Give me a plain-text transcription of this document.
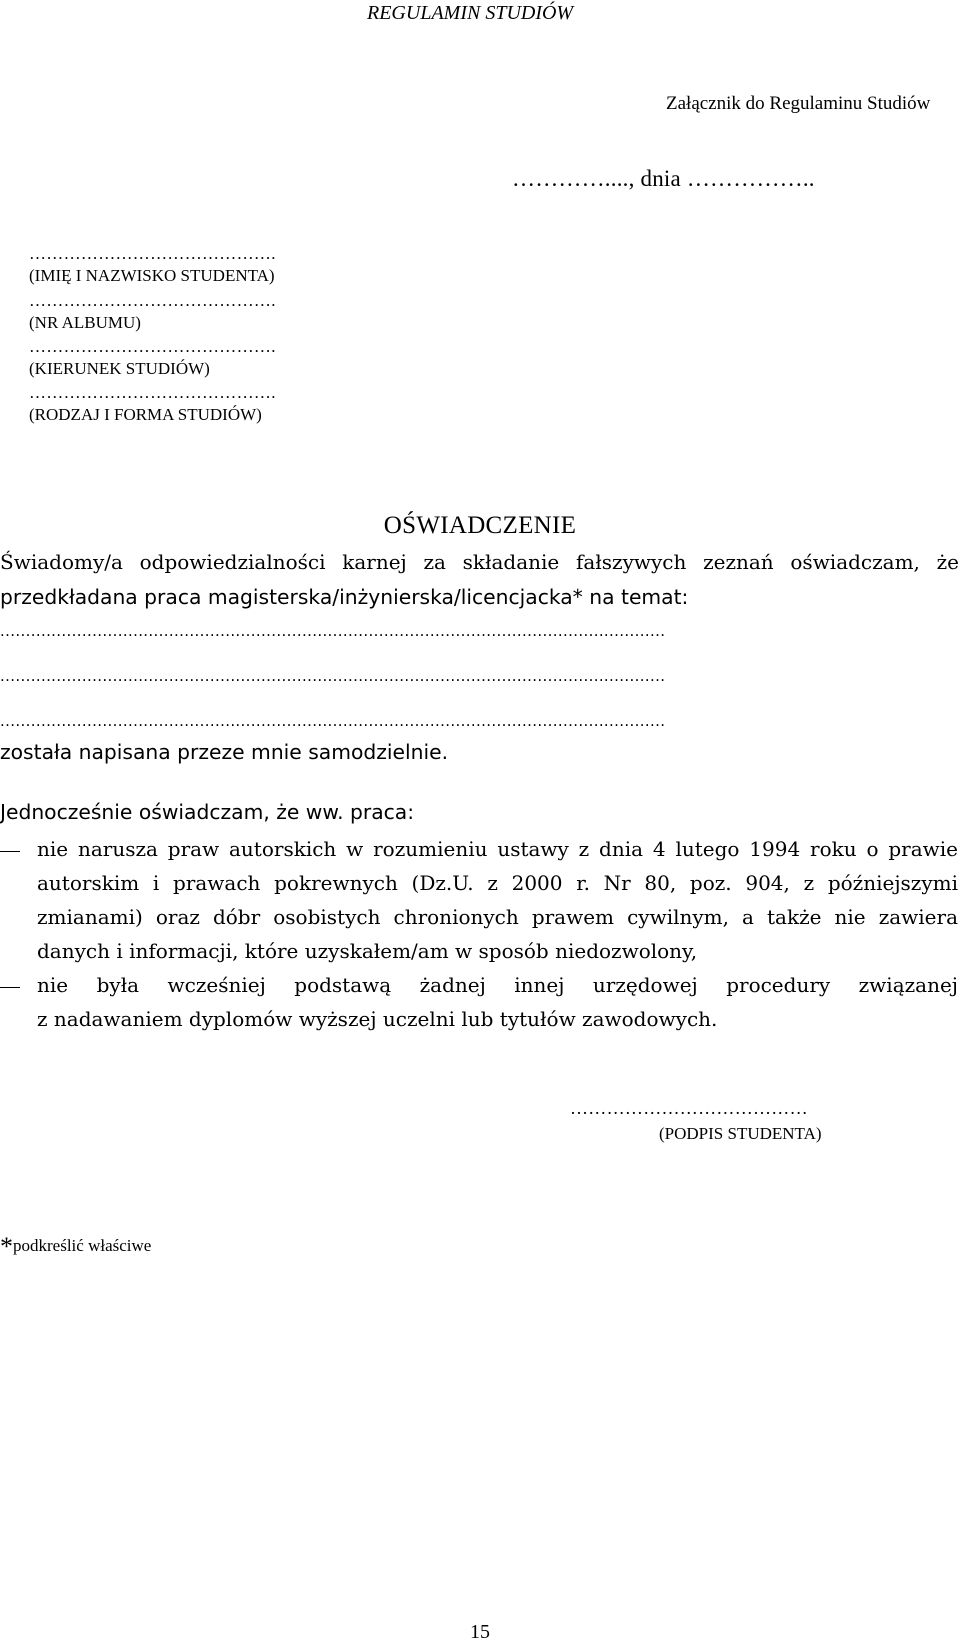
REGULAMIN STUDIÓW
Załącznik do Regulaminu Studiów
…………...., dnia ……………..
…………………………………….
(IMIĘ I NAZWISKO STUDENTA)
…………………………………….
(NR ALBUMU)
…………………………………….
(KIERUNEK STUDIÓW)
…………………………………….
(RODZAJ I FORMA STUDIÓW)
OŚWIADCZENIE
Świadomy/a odpowiedzialności karnej za składanie fałszywych zeznań oświadczam, że
przedkładana praca magisterska/inżynierska/licencjacka* na temat:
..................................................................................................................................
..................................................................................................................................
..................................................................................................................................
została napisana przeze mnie samodzielnie.
Jednocześnie oświadczam, że ww. praca:
nie narusza praw autorskich w rozumieniu ustawy z dnia 4 lutego 1994 roku o prawie
autorskim i prawach pokrewnych (Dz.U. z 2000 r. Nr 80, poz. 904, z późniejszymi
zmianami) oraz dóbr osobistych chronionych prawem cywilnym, a także nie zawiera
danych i informacji, które uzyskałem/am w sposób niedozwolony,
nie była wcześniej podstawą żadnej innej urzędowej procedury związanej
z nadawaniem dyplomów wyższej uczelni lub tytułów zawodowych.
…………………………………
(PODPIS STUDENTA)
*podkreślić właściwe
15
